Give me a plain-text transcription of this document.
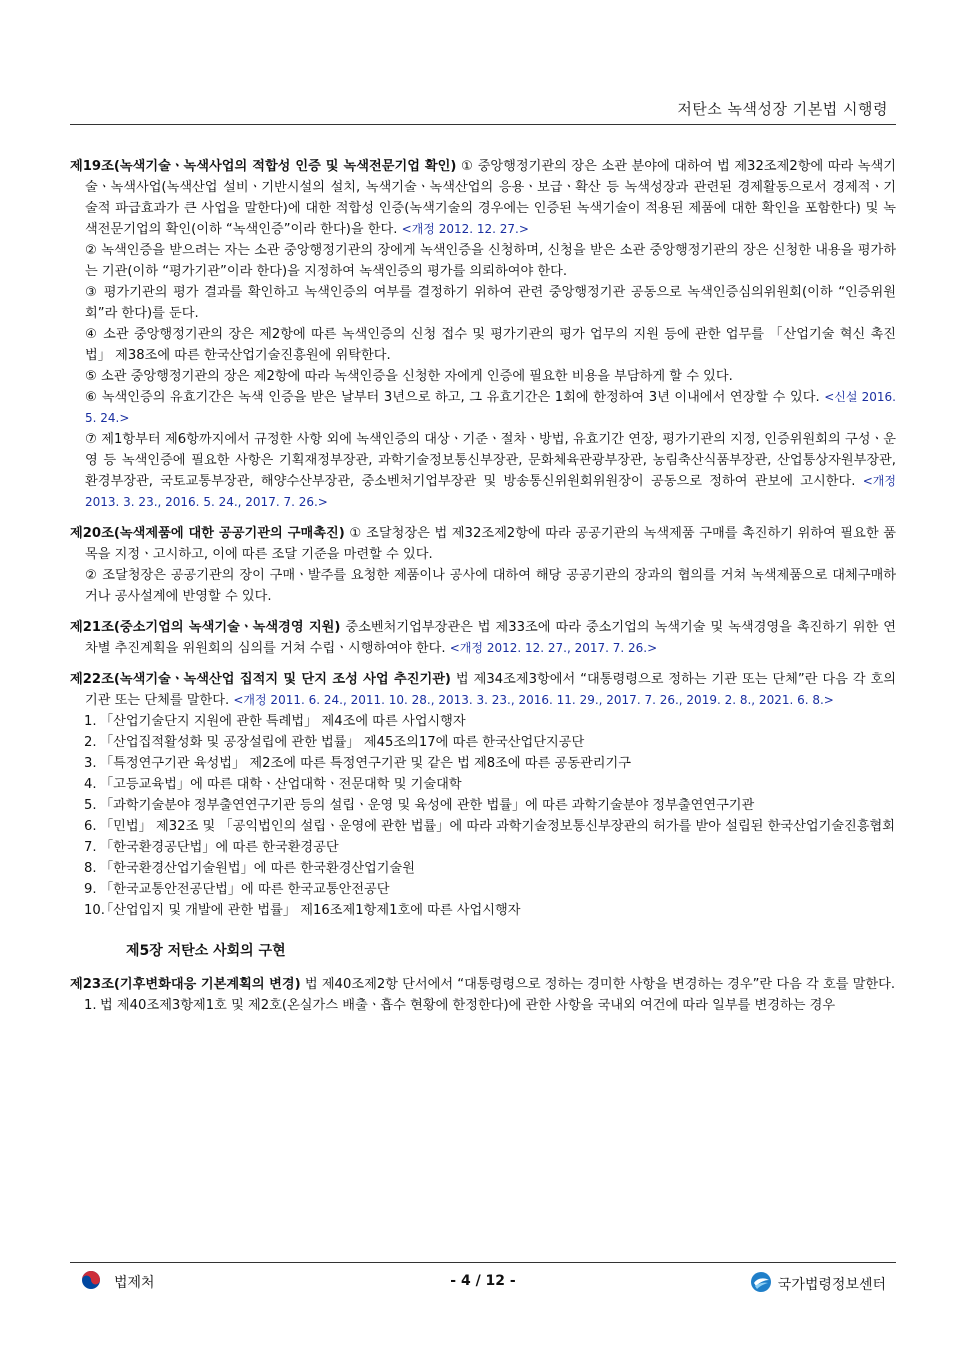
저탄소 녹색성장 기본법 시행령

제19조(녹색기술ㆍ녹색사업의 적합성 인증 및 녹색전문기업 확인) ① 중앙행정기관의 장은 소관 분야에 대하여 법 제32조제2항에 따라 녹색기술ㆍ녹색사업(녹색산업 설비ㆍ기반시설의 설치, 녹색기술ㆍ녹색산업의 응용ㆍ보급ㆍ확산 등 녹색성장과 관련된 경제활동으로서 경제적ㆍ기술적 파급효과가 큰 사업을 말한다)에 대한 적합성 인증(녹색기술의 경우에는 인증된 녹색기술이 적용된 제품에 대한 확인을 포함한다) 및 녹색전문기업의 확인(이하 “녹색인증”이라 한다)을 한다. <개정 2012. 12. 27.>

② 녹색인증을 받으려는 자는 소관 중앙행정기관의 장에게 녹색인증을 신청하며, 신청을 받은 소관 중앙행정기관의 장은 신청한 내용을 평가하는 기관(이하 “평가기관”이라 한다)을 지정하여 녹색인증의 평가를 의뢰하여야 한다.

③ 평가기관의 평가 결과를 확인하고 녹색인증의 여부를 결정하기 위하여 관련 중앙행정기관 공동으로 녹색인증심의위원회(이하 “인증위원회”라 한다)를 둔다.

④ 소관 중앙행정기관의 장은 제2항에 따른 녹색인증의 신청 접수 및 평가기관의 평가 업무의 지원 등에 관한 업무를 「산업기술 혁신 촉진법」 제38조에 따른 한국산업기술진흥원에 위탁한다.

⑤ 소관 중앙행정기관의 장은 제2항에 따라 녹색인증을 신청한 자에게 인증에 필요한 비용을 부담하게 할 수 있다.

⑥ 녹색인증의 유효기간은 녹색 인증을 받은 날부터 3년으로 하고, 그 유효기간은 1회에 한정하여 3년 이내에서 연장할 수 있다. <신설 2016. 5. 24.>

⑦ 제1항부터 제6항까지에서 규정한 사항 외에 녹색인증의 대상ㆍ기준ㆍ절차ㆍ방법, 유효기간 연장, 평가기관의 지정, 인증위원회의 구성ㆍ운영 등 녹색인증에 필요한 사항은 기획재정부장관, 과학기술정보통신부장관, 문화체육관광부장관, 농림축산식품부장관, 산업통상자원부장관, 환경부장관, 국토교통부장관, 해양수산부장관, 중소벤처기업부장관 및 방송통신위원회위원장이 공동으로 정하여 관보에 고시한다. <개정 2013. 3. 23., 2016. 5. 24., 2017. 7. 26.>

제20조(녹색제품에 대한 공공기관의 구매촉진) ① 조달청장은 법 제32조제2항에 따라 공공기관의 녹색제품 구매를 촉진하기 위하여 필요한 품목을 지정ㆍ고시하고, 이에 따른 조달 기준을 마련할 수 있다.

② 조달청장은 공공기관의 장이 구매ㆍ발주를 요청한 제품이나 공사에 대하여 해당 공공기관의 장과의 협의를 거쳐 녹색제품으로 대체구매하거나 공사설계에 반영할 수 있다.

제21조(중소기업의 녹색기술ㆍ녹색경영 지원) 중소벤처기업부장관은 법 제33조에 따라 중소기업의 녹색기술 및 녹색경영을 촉진하기 위한 연차별 추진계획을 위원회의 심의를 거쳐 수립ㆍ시행하여야 한다. <개정 2012. 12. 27., 2017. 7. 26.>

제22조(녹색기술ㆍ녹색산업 집적지 및 단지 조성 사업 추진기관) 법 제34조제3항에서 “대통령령으로 정하는 기관 또는 단체”란 다음 각 호의 기관 또는 단체를 말한다. <개정 2011. 6. 24., 2011. 10. 28., 2013. 3. 23., 2016. 11. 29., 2017. 7. 26., 2019. 2. 8., 2021. 6. 8.>

1. 「산업기술단지 지원에 관한 특례법」 제4조에 따른 사업시행자

2. 「산업집적활성화 및 공장설립에 관한 법률」 제45조의17에 따른 한국산업단지공단

3. 「특정연구기관 육성법」 제2조에 따른 특정연구기관 및 같은 법 제8조에 따른 공동관리기구

4. 「고등교육법」에 따른 대학ㆍ산업대학ㆍ전문대학 및 기술대학

5. 「과학기술분야 정부출연연구기관 등의 설립ㆍ운영 및 육성에 관한 법률」에 따른 과학기술분야 정부출연연구기관

6. 「민법」 제32조 및 「공익법인의 설립ㆍ운영에 관한 법률」에 따라 과학기술정보통신부장관의 허가를 받아 설립된 한국산업기술진흥협회

7. 「한국환경공단법」에 따른 한국환경공단

8. 「한국환경산업기술원법」에 따른 한국환경산업기술원

9. 「한국교통안전공단법」에 따른 한국교통안전공단

10.
「산업입지 및 개발에 관한 법률」 제16조제1항제1호에 따른 사업시행자

제5장 저탄소 사회의 구현

제23조(기후변화대응 기본계획의 변경) 법 제40조제2항 단서에서 “대통령령으로 정하는 경미한 사항을 변경하는 경우”란 다음 각 호를 말한다.

1. 법 제40조제3항제1호 및 제2호(온실가스 배출ㆍ흡수 현황에 한정한다)에 관한 사항을 국내외 여건에 따라 일부를 변경하는 경우

법제처	- 4 / 12 -	국가법령정보센터
